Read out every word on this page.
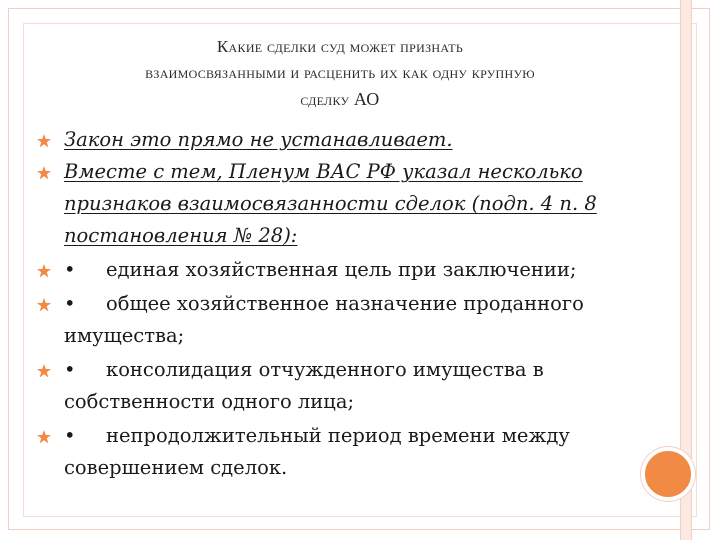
Какие сделки суд может признать
взаимосвязанными и расценить их как одну крупную
сделку АО
Закон это прямо не устанавливает.
Вместе с тем, Пленум ВАС РФ указал несколько признаков взаимосвязанности сделок (подп. 4 п. 8 постановления № 28):
• единая хозяйственная цель при заключении;
• общее хозяйственное назначение проданного имущества;
• консолидация отчужденного имущества в собственности одного лица;
• непродолжительный период времени между совершением сделок.
